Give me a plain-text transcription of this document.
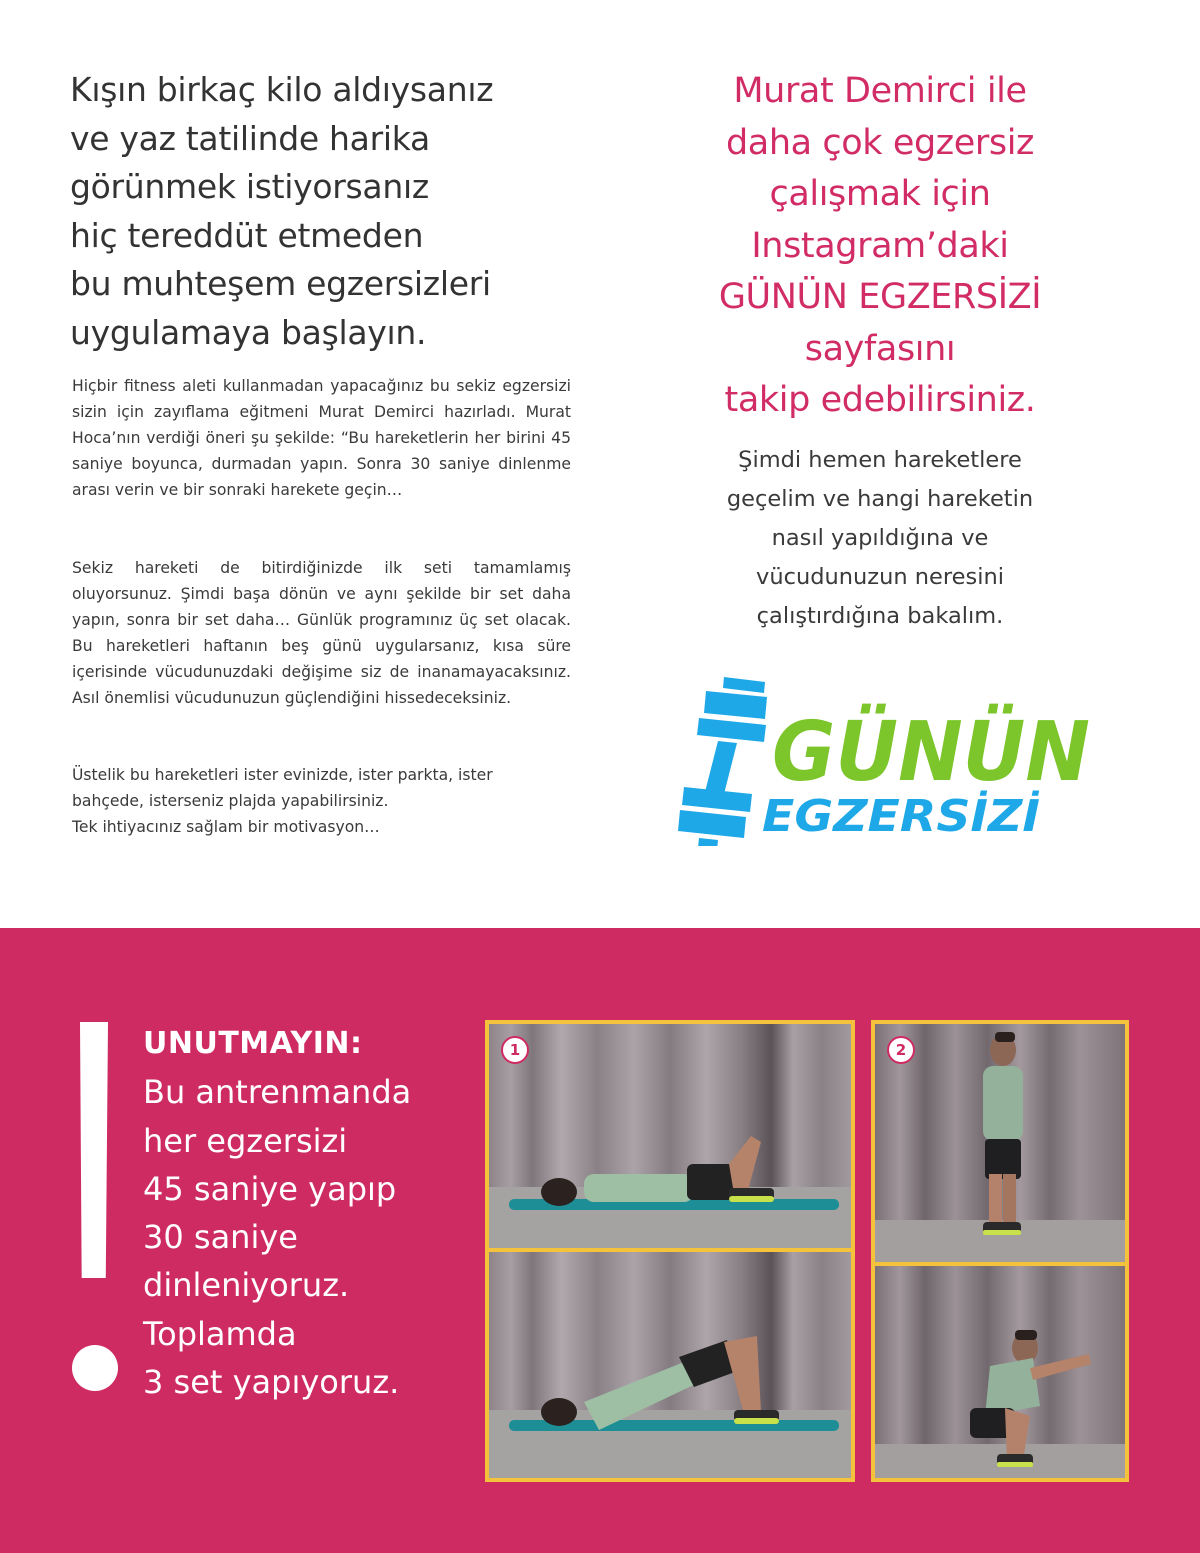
Kışın birkaç kilo aldıysanız
ve yaz tatilinde harika
görünmek istiyorsanız
hiç tereddüt etmeden
bu muhteşem egzersizleri
uygulamaya başlayın.

Hiçbir fitness aleti kullanmadan yapacağınız bu sekiz egzersizi sizin için zayıflama eğitmeni Murat Demirci hazırladı. Murat Hoca’nın verdiği öneri şu şekilde: “Bu hareketlerin her birini 45 saniye boyunca, durmadan yapın. Sonra 30 saniye dinlenme arası verin ve bir sonraki harekete geçin…

Sekiz hareketi de bitirdiğinizde ilk seti tamamlamış oluyorsunuz. Şimdi başa dönün ve aynı şekilde bir set daha yapın, sonra bir set daha… Günlük programınız üç set olacak. Bu hareketleri haftanın beş günü uygularsanız, kısa süre içerisinde vücudunuzdaki değişime siz de inanamayacaksınız. Asıl önemlisi vücudunuzun güçlendiğini hissedeceksiniz.

Üstelik bu hareketleri ister evinizde, ister parkta, ister
bahçede, isterseniz plajda yapabilirsiniz.
Tek ihtiyacınız sağlam bir motivasyon…
Murat Demirci ile
daha çok egzersiz
çalışmak için
Instagram’daki
GÜNÜN EGZERSİZİ
sayfasını
takip edebilirsiniz.
Şimdi hemen hareketlere
geçelim ve hangi hareketin
nasıl yapıldığına ve
vücudunuzun neresini
çalıştırdığına bakalım.
GÜNÜN
EGZERSİZİ
UNUTMAYIN:
Bu antrenmanda
her egzersizi
45 saniye yapıp
30 saniye
dinleniyoruz.
Toplamda
3 set yapıyoruz.
1	2
